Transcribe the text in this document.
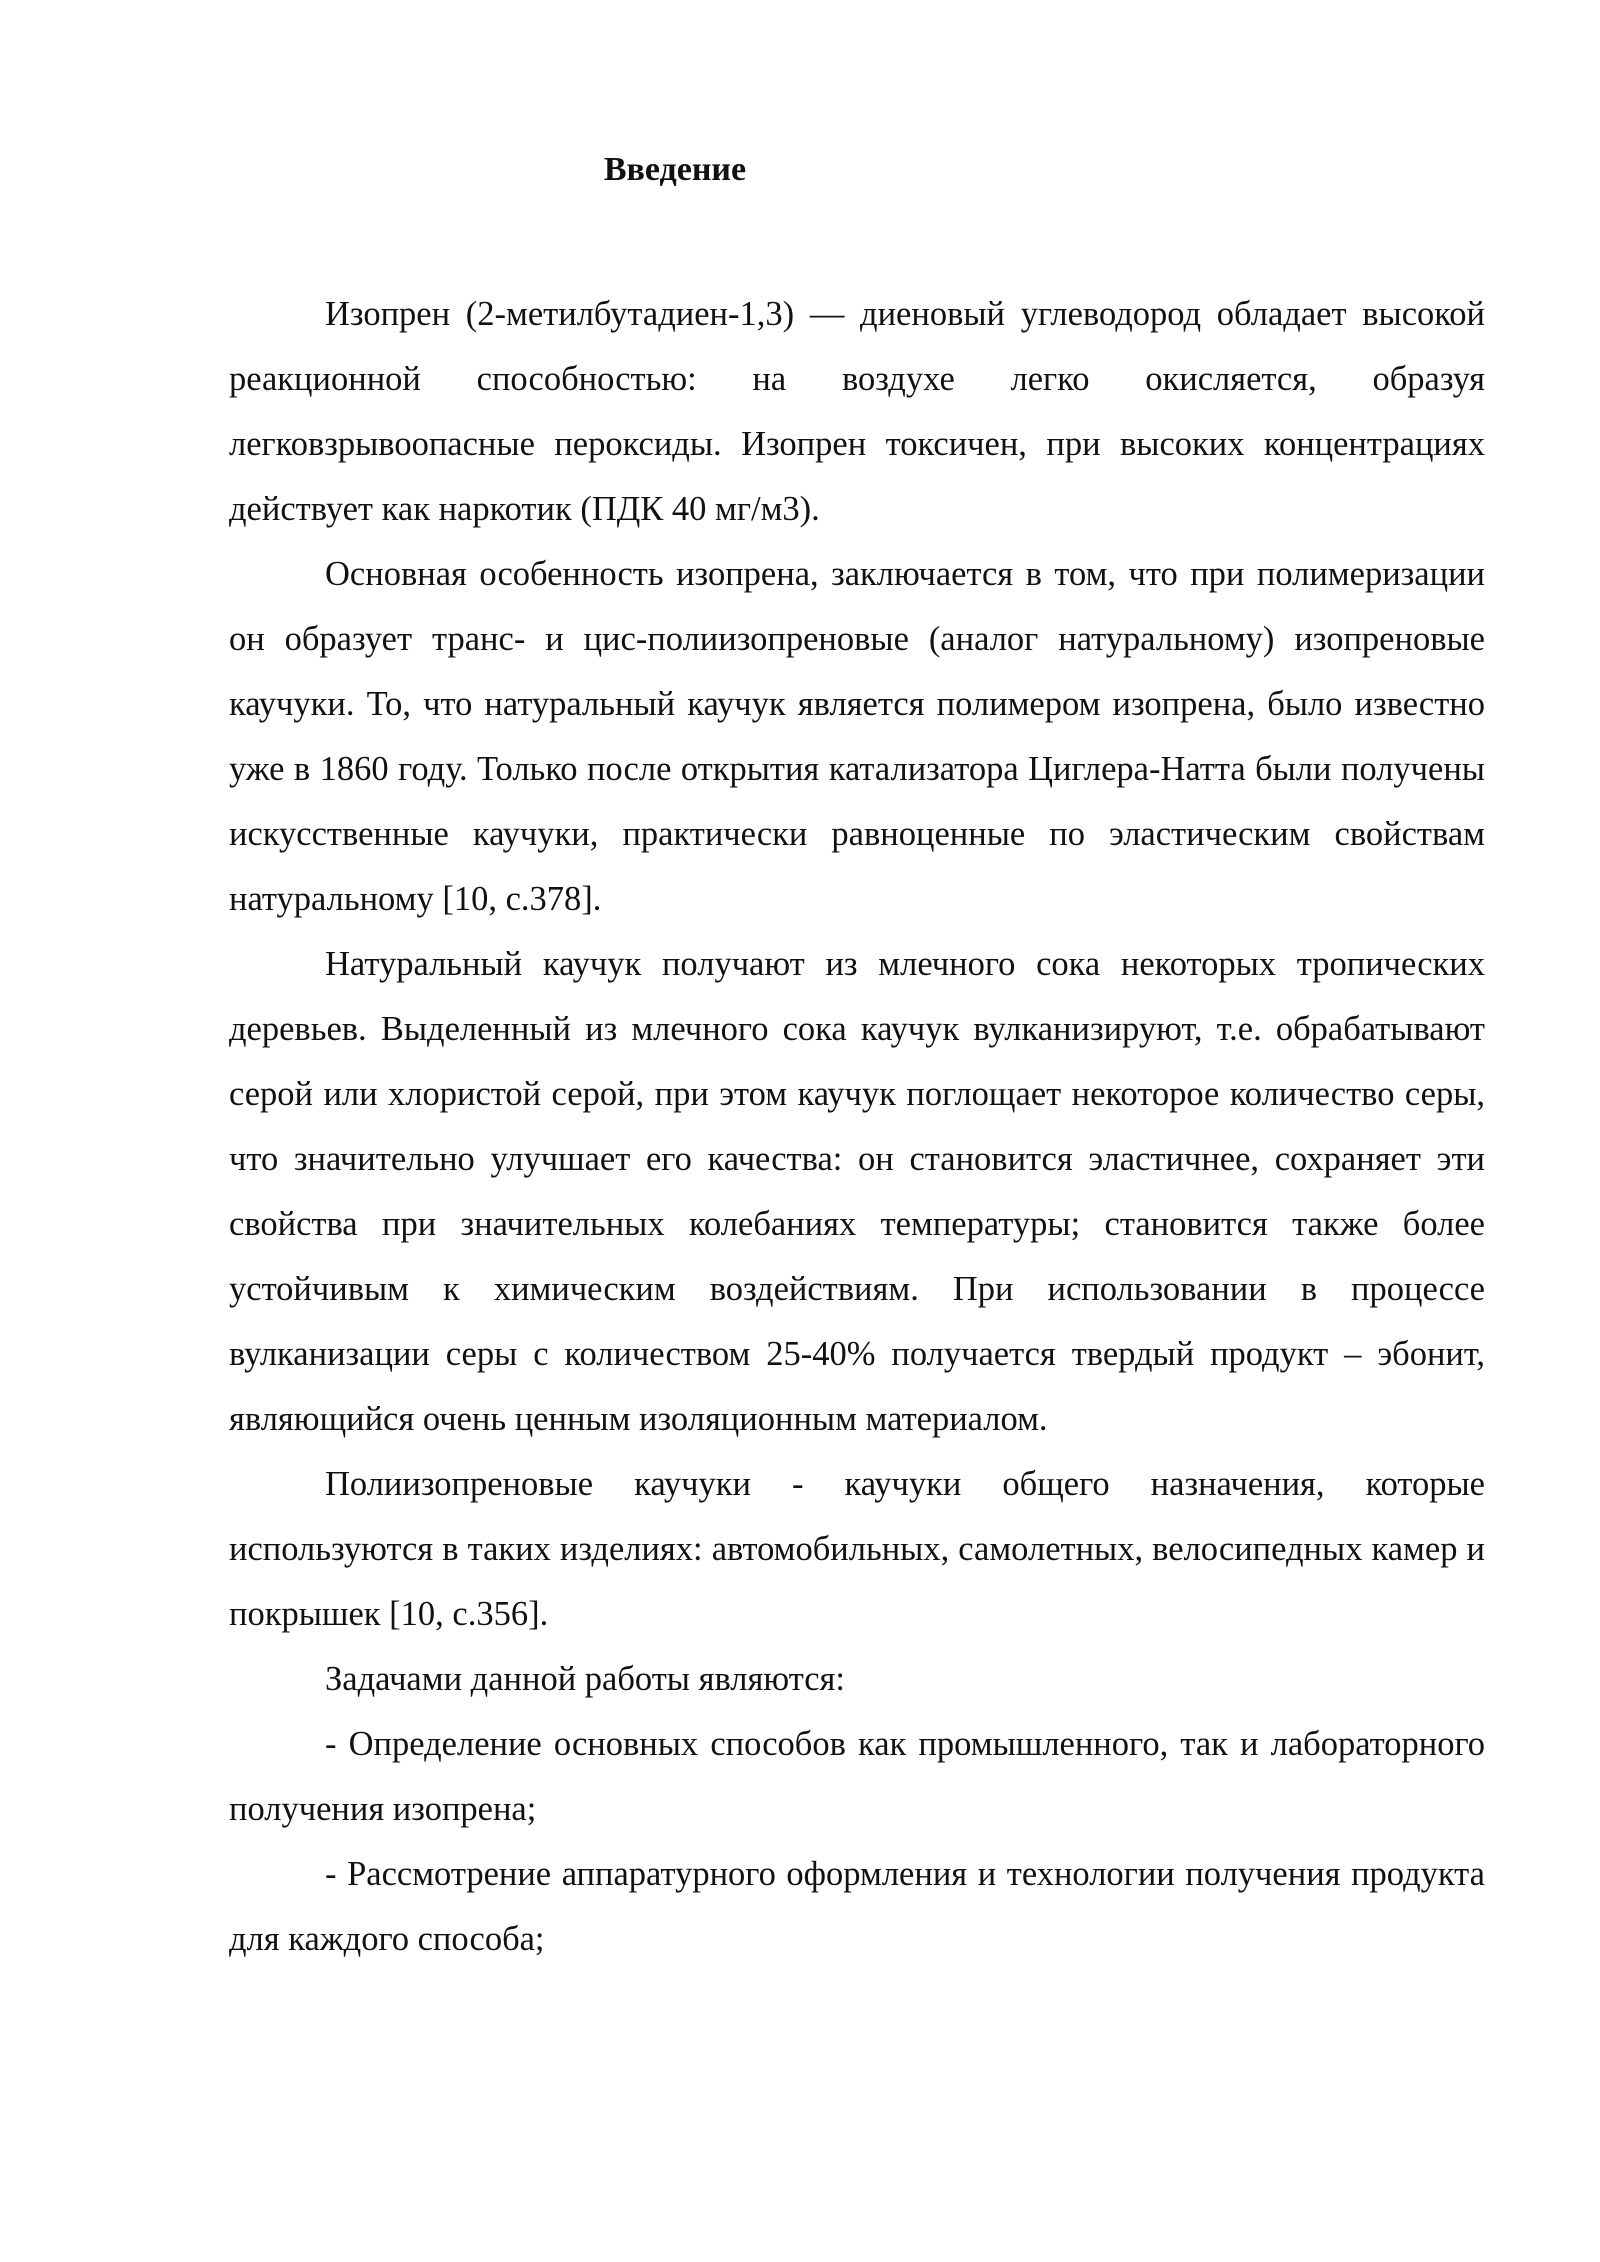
Введение

Изопрен (2-метилбутадиен-1,3) — диеновый углеводород обладает высокой реакционной способностью: на воздухе легко окисляется, образуя легковзрывоопасные пероксиды. Изопрен токсичен, при высоких концентрациях действует как наркотик (ПДК 40 мг/м3).

Основная особенность изопрена, заключается в том, что при полимеризации он образует транс- и цис-полиизопреновые (аналог натуральному) изопреновые каучуки. То, что натуральный каучук является полимером изопрена, было известно уже в 1860 году. Только после открытия катализатора Циглера-Натта были получены искусственные каучуки, практически равноценные по эластическим свойствам натуральному [10, с.378].

Натуральный каучук получают из млечного сока некоторых тропических деревьев. Выделенный из млечного сока каучук вулканизируют, т.е. обрабатывают серой или хлористой серой, при этом каучук поглощает некоторое количество серы, что значительно улучшает его качества: он становится эластичнее, сохраняет эти свойства при значительных колебаниях температуры; становится также более устойчивым к химическим воздействиям. При использовании в процессе вулканизации серы с количеством 25-40% получается твердый продукт – эбонит, являющийся очень ценным изоляционным материалом.

Полиизопреновые каучуки - каучуки общего назначения, которые используются в таких изделиях: автомобильных, самолетных, велосипедных камер и покрышек [10, с.356].

Задачами данной работы являются:

- Определение основных способов как промышленного, так и лабораторного получения изопрена;

- Рассмотрение аппаратурного оформления и технологии получения продукта для каждого способа;
